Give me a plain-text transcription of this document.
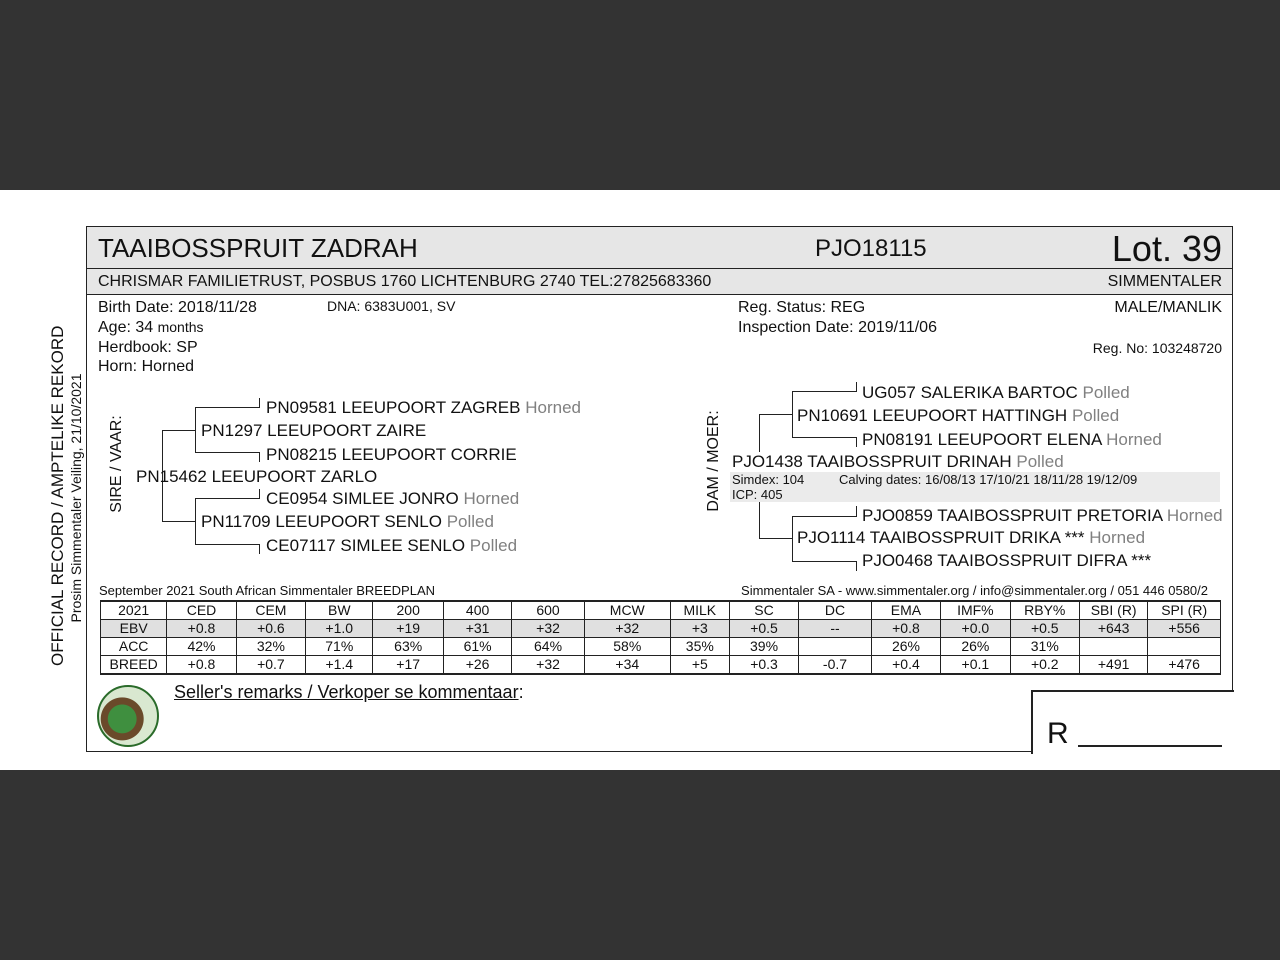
OFFICIAL RECORD / AMPTELIKE REKORD Prosim Simmentaler Veiling, 21/10/2021
TAAIBOSSPRUIT ZADRAH	PJO18115	Lot. 39
CHRISMAR FAMILIETRUST, POSBUS 1760 LICHTENBURG 2740 TEL:27825683360	SIMMENTALER
Birth Date: 2018/11/28	DNA: 6383U001, SV
Age: 34 months
Herdbook: SP
Horn: Horned
Reg. Status: REG
Inspection Date: 2019/11/06
MALE/MANLIK
Reg. No: 103248720
SIRE / VAAR:	DAM / MOER:
PN09581 LEEUPOORT ZAGREB Horned
PN1297 LEEUPOORT ZAIRE
PN08215 LEEUPOORT CORRIE
PN15462 LEEUPOORT ZARLO
CE0954 SIMLEE JONRO Horned
PN11709 LEEUPOORT SENLO Polled
CE07117 SIMLEE SENLO Polled
UG057 SALERIKA BARTOC Polled
PN10691 LEEUPOORT HATTINGH Polled
PN08191 LEEUPOORT ELENA Horned
PJO1438 TAAIBOSSPRUIT DRINAH Polled
Simdex: 104	Calving dates: 16/08/13 17/10/21 18/11/28 19/12/09
ICP: 405
PJO0859 TAAIBOSSPRUIT PRETORIA Horned
PJO1114 TAAIBOSSPRUIT DRIKA *** Horned
PJO0468 TAAIBOSSPRUIT DIFRA ***
September 2021 South African Simmentaler BREEDPLAN	Simmentaler SA - www.simmentaler.org / info@simmentaler.org / 051 446 0580/2
2021	CED	CEM	BW	200	400	600	MCW	MILK	SC	DC	EMA	IMF%	RBY%	SBI (R)	SPI (R)
EBV	+0.8	+0.6	+1.0	+19	+31	+32	+32	+3	+0.5	--	+0.8	+0.0	+0.5	+643	+556
ACC	42%	32%	71%	63%	61%	64%	58%	35%	39%		26%	26%	31%		
BREED	+0.8	+0.7	+1.4	+17	+26	+32	+34	+5	+0.3	-0.7	+0.4	+0.1	+0.2	+491	+476
Seller's remarks / Verkoper se kommentaar:
R
